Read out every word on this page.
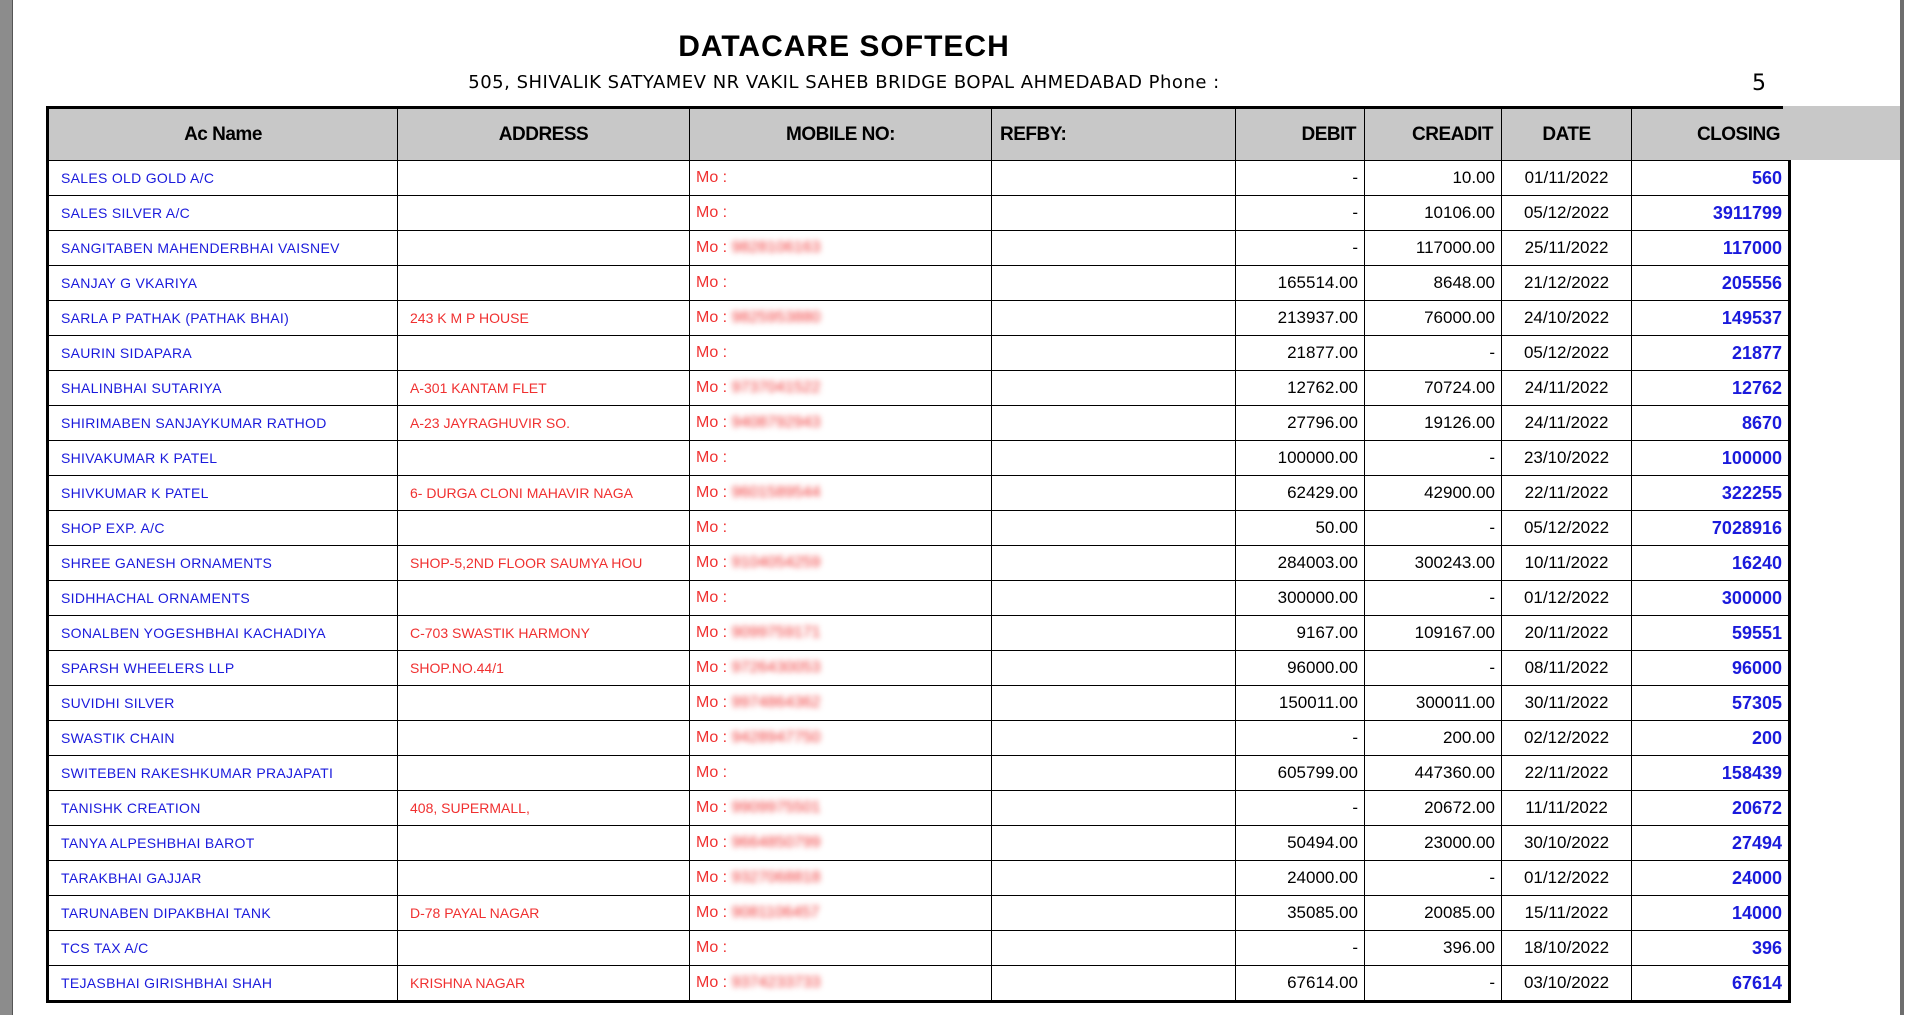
DATACARE SOFTECH
505, SHIVALIK SATYAMEV NR VAKIL SAHEB BRIDGE BOPAL AHMEDABAD Phone :	5
Ac Name	ADDRESS	MOBILE NO:	REFBY:	DEBIT	CREADIT	DATE	CLOSING
SALES OLD GOLD A/C		Mo :		-	10.00	01/11/2022	560
SALES SILVER A/C		Mo :		-	10106.00	05/12/2022	3911799
SANGITABEN MAHENDERBHAI VAISNEV		Mo : 9828106163		-	117000.00	25/11/2022	117000
SANJAY G VKARIYA		Mo :		165514.00	8648.00	21/12/2022	205556
SARLA P PATHAK (PATHAK BHAI)	243 K M P HOUSE	Mo : 9825953880		213937.00	76000.00	24/10/2022	149537
SAURIN SIDAPARA		Mo :		21877.00	-	05/12/2022	21877
SHALINBHAI SUTARIYA	A-301 KANTAM FLET	Mo : 9737041522		12762.00	70724.00	24/11/2022	12762
SHIRIMABEN SANJAYKUMAR RATHOD	A-23 JAYRAGHUVIR SO.	Mo : 9408792943		27796.00	19126.00	24/11/2022	8670
SHIVAKUMAR K PATEL		Mo :		100000.00	-	23/10/2022	100000
SHIVKUMAR K PATEL	6- DURGA CLONI MAHAVIR NAGA	Mo : 9601589544		62429.00	42900.00	22/11/2022	322255
SHOP EXP. A/C		Mo :		50.00	-	05/12/2022	7028916
SHREE GANESH ORNAMENTS	SHOP-5,2ND FLOOR SAUMYA HOU	Mo : 9104054259		284003.00	300243.00	10/11/2022	16240
SIDHHACHAL ORNAMENTS		Mo :		300000.00	-	01/12/2022	300000
SONALBEN YOGESHBHAI KACHADIYA	C-703 SWASTIK HARMONY	Mo : 9099759171		9167.00	109167.00	20/11/2022	59551
SPARSH WHEELERS LLP	SHOP.NO.44/1	Mo : 9726430053		96000.00	-	08/11/2022	96000
SUVIDHI SILVER		Mo : 9974864362		150011.00	300011.00	30/11/2022	57305
SWASTIK CHAIN		Mo : 9428947750		-	200.00	02/12/2022	200
SWITEBEN RAKESHKUMAR PRAJAPATI		Mo :		605799.00	447360.00	22/11/2022	158439
TANISHK CREATION	408, SUPERMALL,	Mo : 9909975501		-	20672.00	11/11/2022	20672
TANYA ALPESHBHAI BAROT		Mo : 9664850799		50494.00	23000.00	30/10/2022	27494
TARAKBHAI GAJJAR		Mo : 9327068818		24000.00	-	01/12/2022	24000
TARUNABEN DIPAKBHAI TANK	D-78 PAYAL NAGAR	Mo : 9081106457		35085.00	20085.00	15/11/2022	14000
TCS TAX A/C		Mo :		-	396.00	18/10/2022	396
TEJASBHAI GIRISHBHAI SHAH	KRISHNA NAGAR	Mo : 9374233733		67614.00	-	03/10/2022	67614
